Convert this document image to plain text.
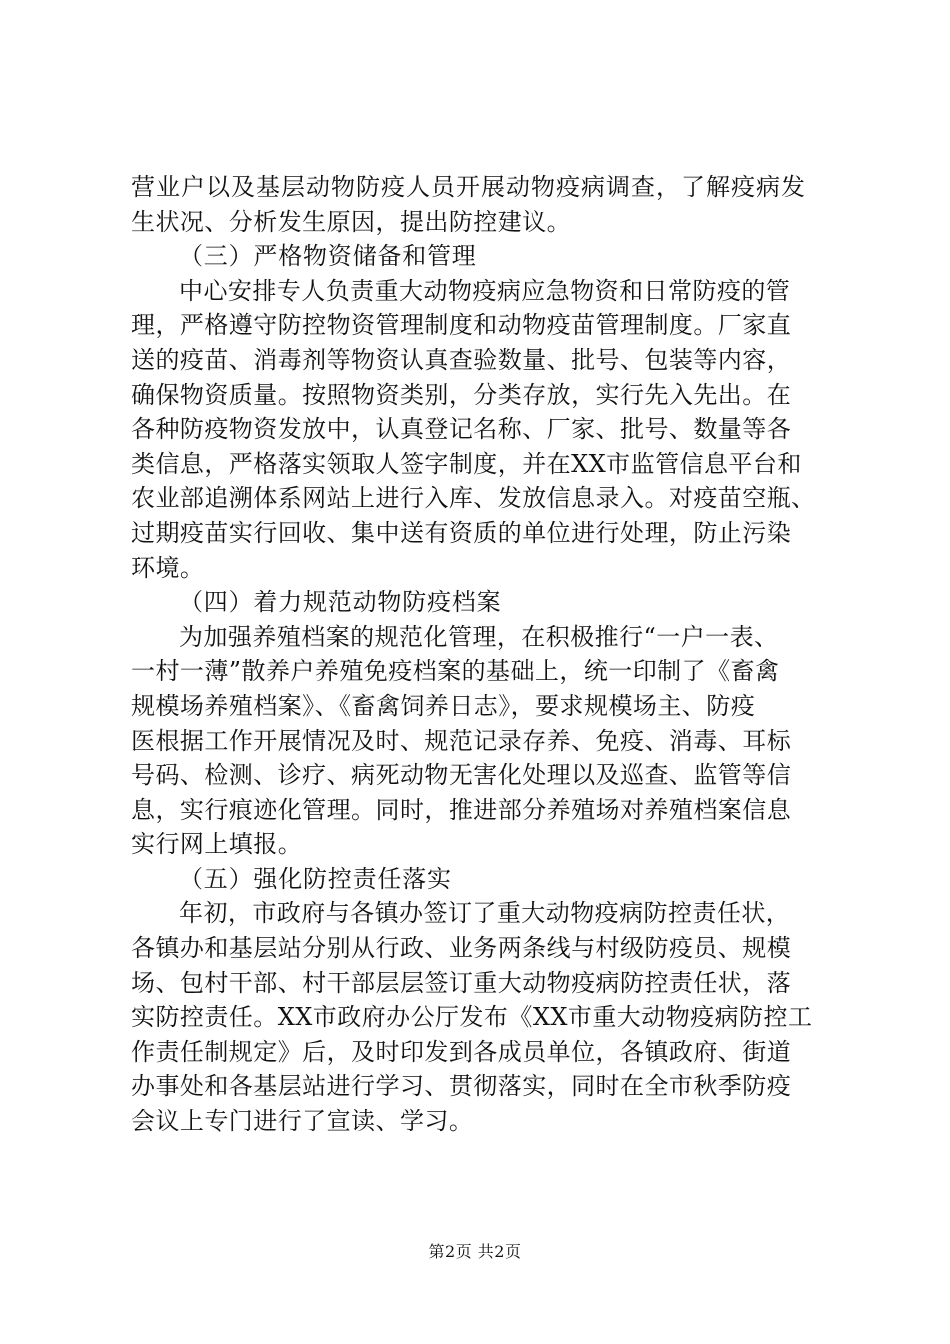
营业户以及基层动物防疫人员开展动物疫病调查，了解疫病发
生状况、分析发生原因，提出防控建议。
（三）严格物资储备和管理
中心安排专人负责重大动物疫病应急物资和日常防疫的管
理，严格遵守防控物资管理制度和动物疫苗管理制度。厂家直
送的疫苗、消毒剂等物资认真查验数量、批号、包装等内容，
确保物资质量。按照物资类别，分类存放，实行先入先出。在
各种防疫物资发放中，认真登记名称、厂家、批号、数量等各
类信息，严格落实领取人签字制度，并在XX市监管信息平台和
农业部追溯体系网站上进行入库、发放信息录入。对疫苗空瓶、
过期疫苗实行回收、集中送有资质的单位进行处理，防止污染
环境。
（四）着力规范动物防疫档案
为加强养殖档案的规范化管理，在积极推行“一户一表、
一村一薄”散养户养殖免疫档案的基础上，统一印制了《畜禽
规模场养殖档案》、《畜禽饲养日志》，要求规模场主、防疫
医根据工作开展情况及时、规范记录存养、免疫、消毒、耳标
号码、检测、诊疗、病死动物无害化处理以及巡查、监管等信
息，实行痕迹化管理。同时，推进部分养殖场对养殖档案信息
实行网上填报。
（五）强化防控责任落实
年初，市政府与各镇办签订了重大动物疫病防控责任状，
各镇办和基层站分别从行政、业务两条线与村级防疫员、规模
场、包村干部、村干部层层签订重大动物疫病防控责任状，落
实防控责任。XX市政府办公厅发布《XX市重大动物疫病防控工
作责任制规定》后，及时印发到各成员单位，各镇政府、街道
办事处和各基层站进行学习、贯彻落实，同时在全市秋季防疫
会议上专门进行了宣读、学习。
第2页 共2页
